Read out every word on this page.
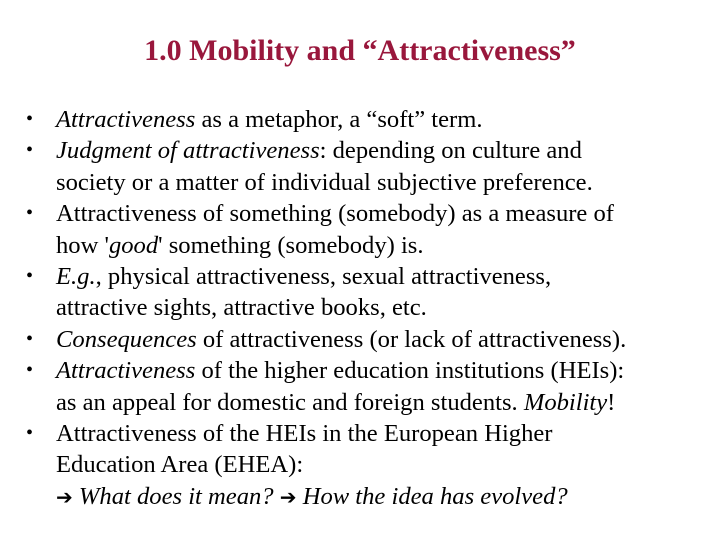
1.0 Mobility and “Attractiveness”
• Attractiveness as a metaphor, a “soft” term.
• Judgment of attractiveness: depending on culture and
society or a matter of individual subjective preference.
• Attractiveness of something (somebody) as a measure of
how 'good' something (somebody) is.
• E.g., physical attractiveness, sexual attractiveness,
attractive sights, attractive books, etc.
• Consequences of attractiveness (or lack of attractiveness).
• Attractiveness of the higher education institutions (HEIs):
as an appeal for domestic and foreign students. Mobility!
• Attractiveness of the HEIs in the European Higher
Education Area (EHEA):
➔ What does it mean? ➔ How the idea has evolved?
